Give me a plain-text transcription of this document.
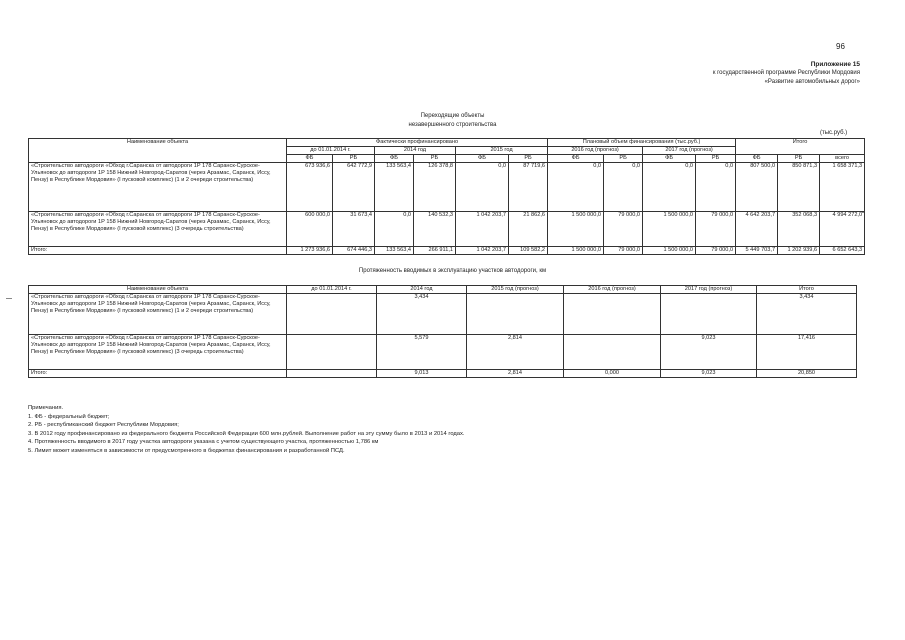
96
Приложение 15
к государственной программе Республики Мордовия
«Развитие автомобильных дорог»
Переходящие объекты
незавершенного строительства
(тыс.руб.)
Наименование объекта	Фактически профинансировано						Плановый объем финансирования (тыс.руб.)				Итого		
	до 01.01.2014 г.		2014 год		2015 год		2016 год (прогноз)		2017 год (прогноз)				
	ФБ	РБ	ФБ	РБ	ФБ	РБ	ФБ	РБ	ФБ	РБ	ФБ	РБ	всего
«Строительство автодороги «Обход г.Саранска от автодороги 1Р 178 Саранск-Сурское-Ульяновск до автодороги 1Р 158 Нижний Новгород-Саратов (через Арзамас, Саранск, Исcу, Пензу) в Республике Мордовия» (I пусковой комплекс) (1 и 2 очереди строительства)	673 936,6	642 772,9	133 563,4	126 378,8	0,0	87 719,6	0,0	0,0	0,0	0,0	807 500,0	850 871,3	1 658 371,3
«Строительство автодороги «Обход г.Саранска от автодороги 1Р 178 Саранск-Сурское-Ульяновск до автодороги 1Р 158 Нижний Новгород-Саратов (через Арзамас, Саранск, Исcу, Пензу) в Республике Мордовия» (I пусковой комплекс) (3 очередь строительства)	600 000,0	31 673,4	0,0	140 532,3	1 042 203,7	21 862,6	1 500 000,0	79 000,0	1 500 000,0	79 000,0	4 642 203,7	352 068,3	4 994 272,0
Итого:	1 273 936,6	674 446,3	133 563,4	266 911,1	1 042 203,7	109 582,2	1 500 000,0	79 000,0	1 500 000,0	79 000,0	5 449 703,7	1 202 939,6	6 652 643,3
Протяженность вводимых в эксплуатацию участков автодороги, км
Наименование объекта	до 01.01.2014 г.	2014 год	2015 год (прогноз)	2016 год (прогноз)	2017 год (прогноз)	Итого
«Строительство автодороги «Обход г.Саранска от автодороги 1Р 178 Саранск-Сурское-Ульяновск до автодороги 1Р 158 Нижний Новгород-Саратов (через Арзамас, Саранск, Исcу, Пензу) в Республике Мордовия» (I пусковой комплекс) (1 и 2 очереди строительства)		3,434				3,434
«Строительство автодороги «Обход г.Саранска от автодороги 1Р 178 Саранск-Сурское-Ульяновск до автодороги 1Р 158 Нижний Новгород-Саратов (через Арзамас, Саранск, Исcу, Пензу) в Республике Мордовия» (I пусковой комплекс) (3 очередь строительства)		5,579	2,814		9,023	17,416
Итого:		9,013	2,814	0,000	9,023	20,850
Примечания.
1. ФБ - федеральный бюджет;
2. РБ - республиканский бюджет Республики Мордовия;
3. В 2012 году профинансировано из федерального бюджета Российской Федерации 600 млн.рублей. Выполнение работ на эту сумму было в 2013 и 2014 годах.
4. Протяженность вводимого в 2017 году участка автодороги указана с учетом существующего участка, протяженностью 1,786 км
5. Лимит может изменяться в зависимости от предусмотренного в бюджетах финансирования и разработанной ПСД.
